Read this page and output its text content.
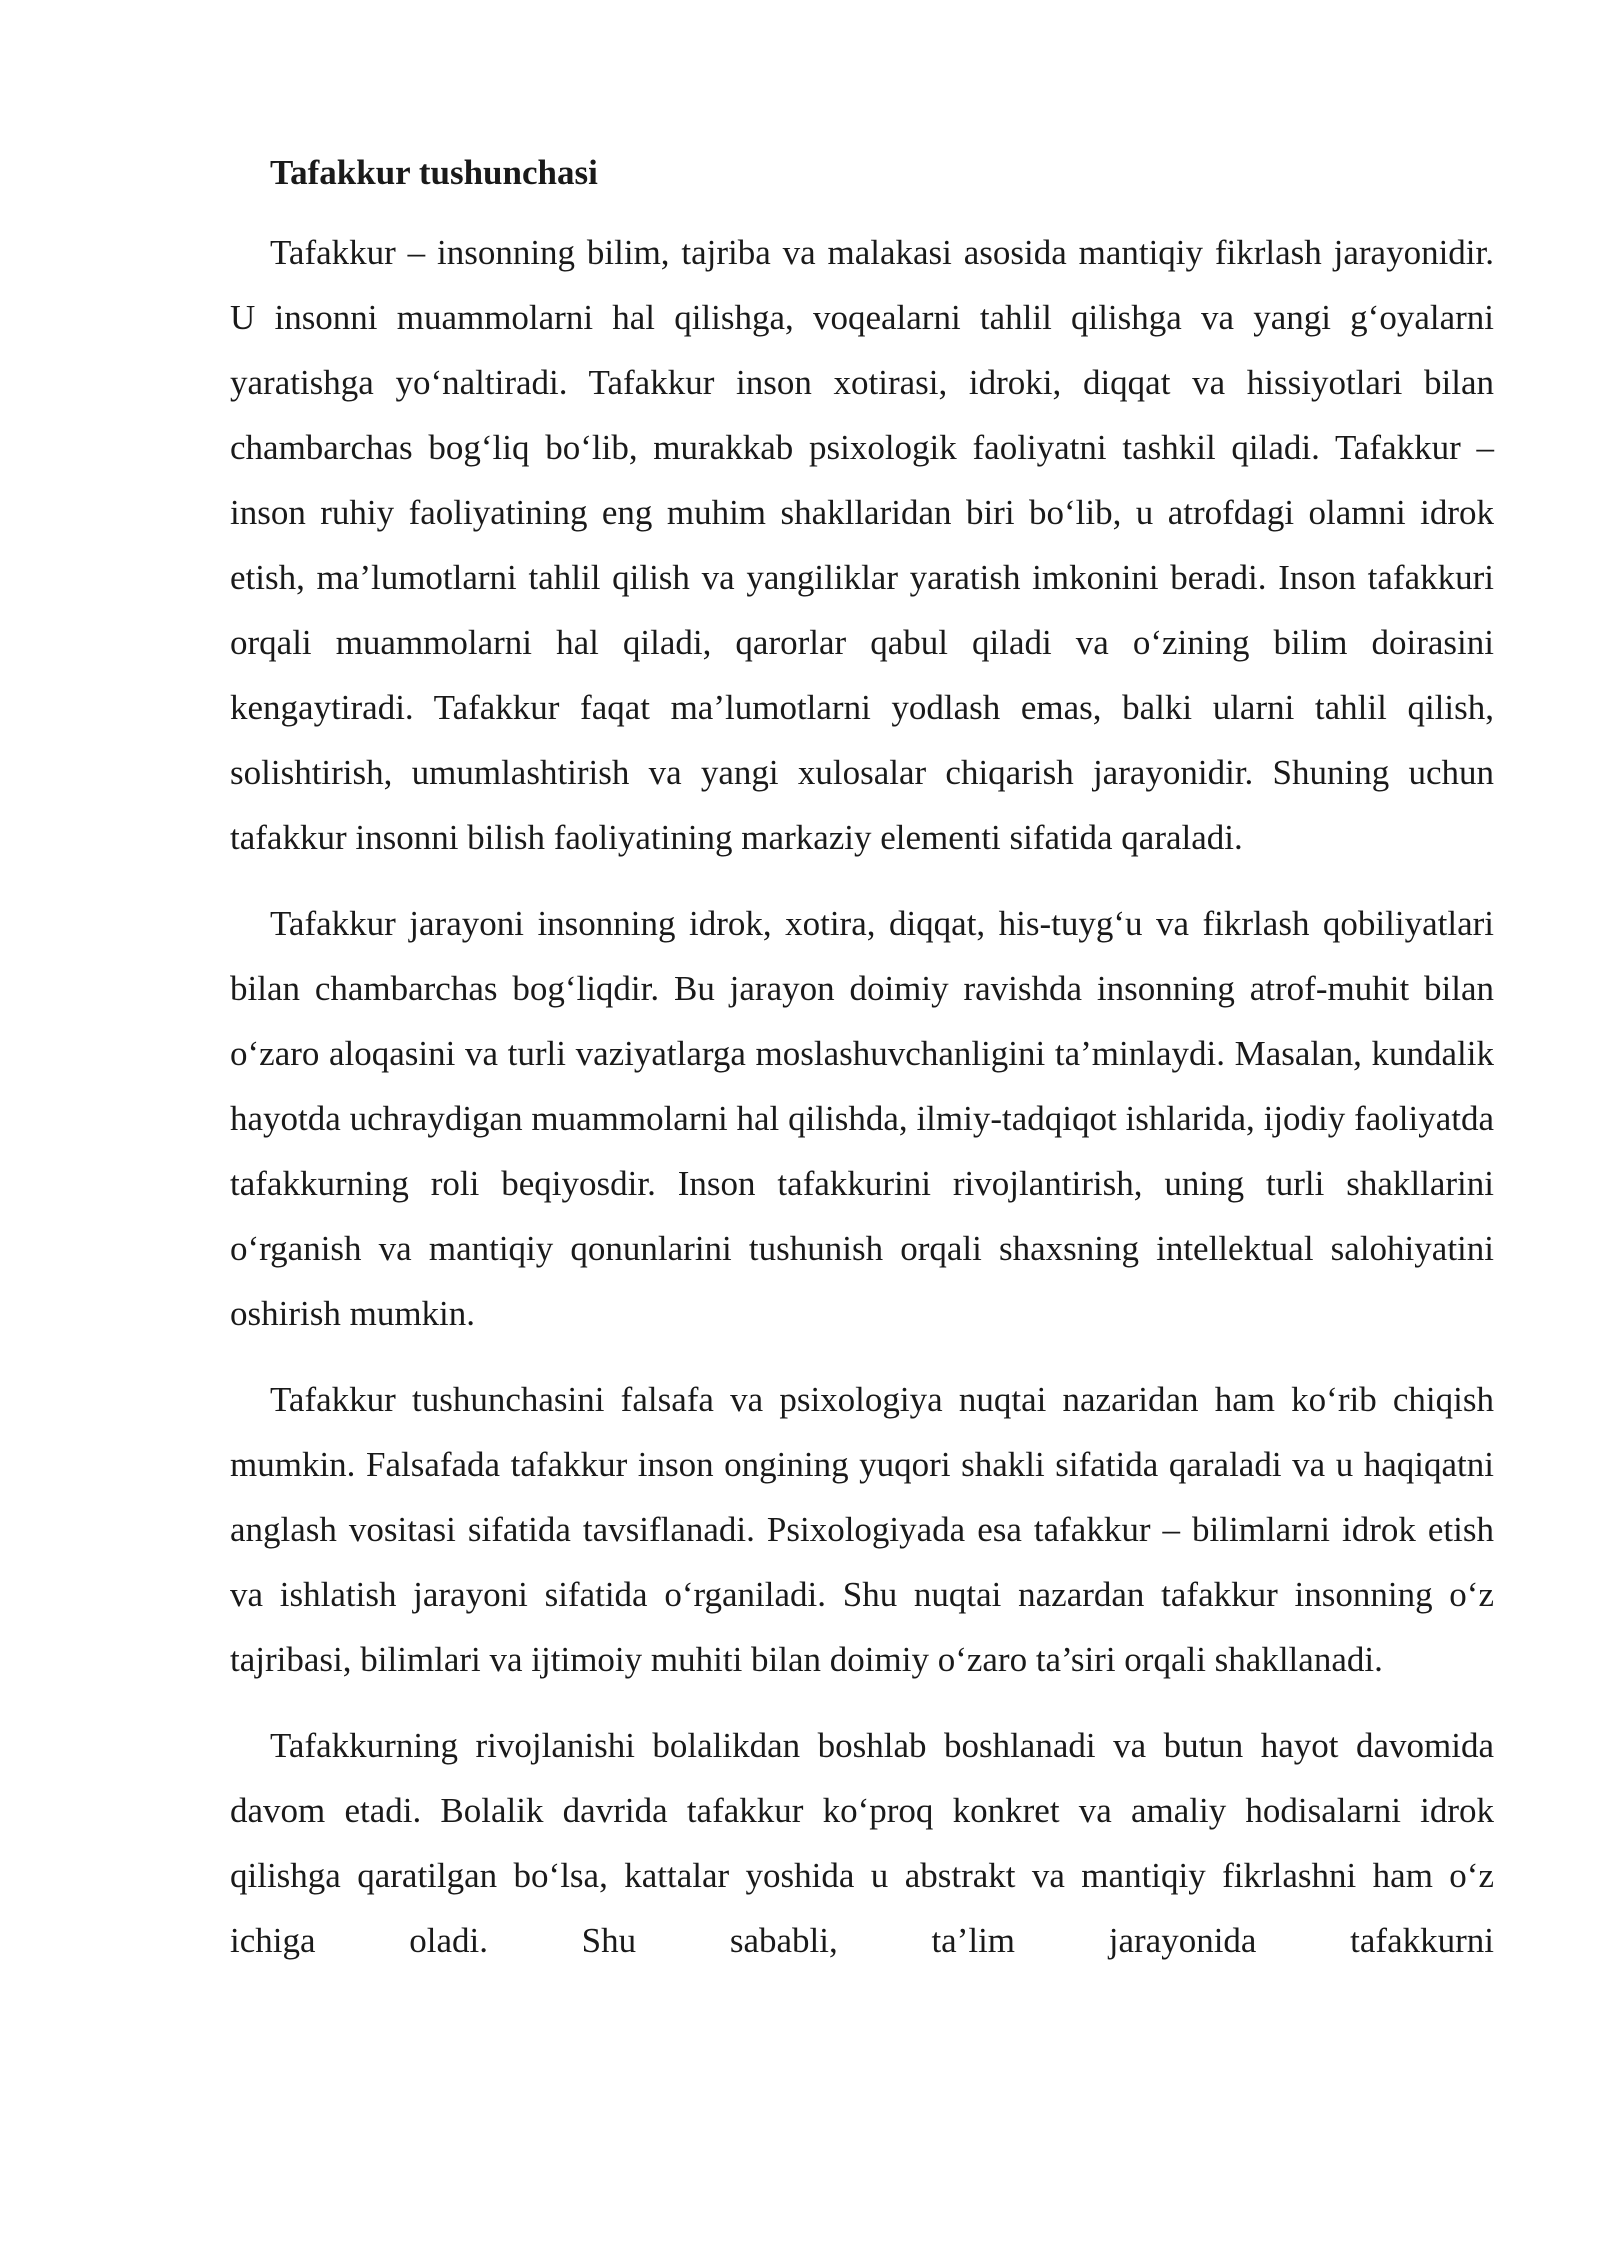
Tafakkur tushunchasi

Tafakkur – insonning bilim, tajriba va malakasi asosida mantiqiy fikrlash jarayonidir. U insonni muammolarni hal qilishga, voqealarni tahlil qilishga va yangi g‘oyalarni yaratishga yo‘naltiradi. Tafakkur inson xotirasi, idroki, diqqat va hissiyotlari bilan chambarchas bog‘liq bo‘lib, murakkab psixologik faoliyatni tashkil qiladi. Tafakkur – inson ruhiy faoliyatining eng muhim shakllaridan biri bo‘lib, u atrofdagi olamni idrok etish, ma’lumotlarni tahlil qilish va yangiliklar yaratish imkonini beradi. Inson tafakkuri orqali muammolarni hal qiladi, qarorlar qabul qiladi va o‘zining bilim doirasini kengaytiradi. Tafakkur faqat ma’lumotlarni yodlash emas, balki ularni tahlil qilish, solishtirish, umumlashtirish va yangi xulosalar chiqarish jarayonidir. Shuning uchun tafakkur insonni bilish faoliyatining markaziy elementi sifatida qaraladi.

Tafakkur jarayoni insonning idrok, xotira, diqqat, his-tuyg‘u va fikrlash qobiliyatlari bilan chambarchas bog‘liqdir. Bu jarayon doimiy ravishda insonning atrof-muhit bilan o‘zaro aloqasini va turli vaziyatlarga moslashuvchanligini ta’minlaydi. Masalan, kundalik hayotda uchraydigan muammolarni hal qilishda, ilmiy-tadqiqot ishlarida, ijodiy faoliyatda tafakkurning roli beqiyosdir. Inson tafakkurini rivojlantirish, uning turli shakllarini o‘rganish va mantiqiy qonunlarini tushunish orqali shaxsning intellektual salohiyatini oshirish mumkin.

Tafakkur tushunchasini falsafa va psixologiya nuqtai nazaridan ham ko‘rib chiqish mumkin. Falsafada tafakkur inson ongining yuqori shakli sifatida qaraladi va u haqiqatni anglash vositasi sifatida tavsiflanadi. Psixologiyada esa tafakkur – bilimlarni idrok etish va ishlatish jarayoni sifatida o‘rganiladi. Shu nuqtai nazardan tafakkur insonning o‘z tajribasi, bilimlari va ijtimoiy muhiti bilan doimiy o‘zaro ta’siri orqali shakllanadi.

Tafakkurning rivojlanishi bolalikdan boshlab boshlanadi va butun hayot davomida davom etadi. Bolalik davrida tafakkur ko‘proq konkret va amaliy hodisalarni idrok qilishga qaratilgan bo‘lsa, kattalar yoshida u abstrakt va mantiqiy fikrlashni ham o‘z ichiga oladi. Shu sababli, ta’lim jarayonida tafakkurni
